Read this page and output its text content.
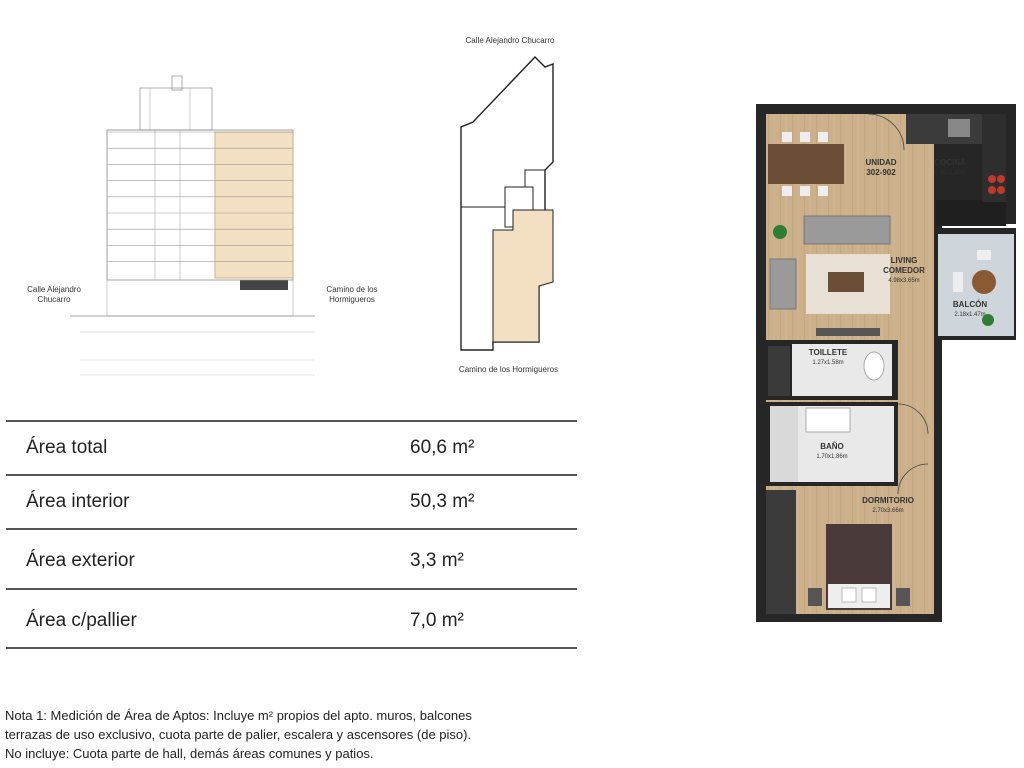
Calle Alejandro
Chucarro
Camino de los
Hormigueros
Calle Alejandro Chucarro
Camino de los Hormigueros
Área total	60,6 m²
Área interior	50,3 m²
Área exterior	3,3 m²
Área c/pallier	7,0 m²

Nota 1: Medición de Área de Aptos: Incluye m² propios del apto. muros, balcones

terrazas de uso exclusivo, cuota parte de palier, escalera y ascensores (de piso).

No incluye: Cuota parte de hall, demás áreas comunes y patios.

UNIDAD
302-902
COCINA
2.46x2.20m
LIVING
COMEDOR
4.98x3.65m
BALCÓN
2.18x1.47m
TOILLETE
1.27x1.58m
BAÑO
1.70x1.86m
DORMITORIO
2.70x3.66m
